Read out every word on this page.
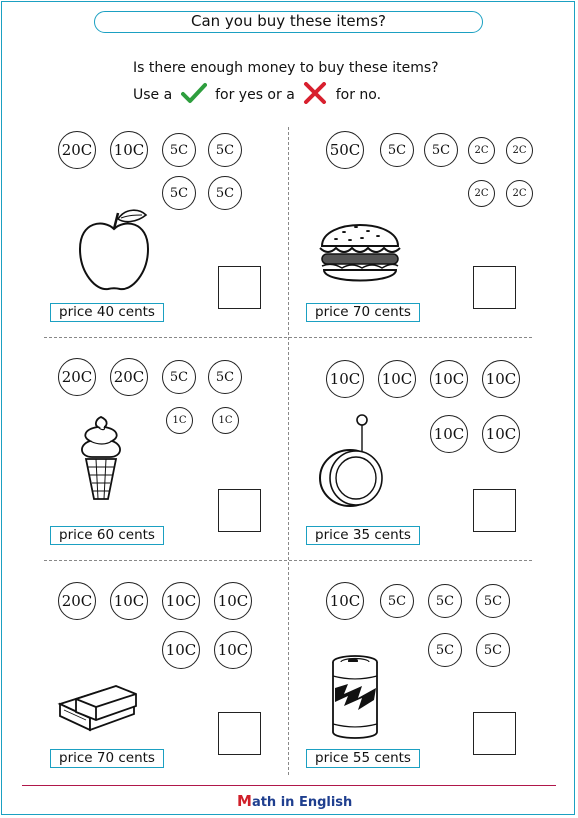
Can you buy these items?
Is there enough money to buy these items?
Use a	for yes or a	for no.
20C 10C	5C	5C
5C	5C
price 40 cents
50C	5C	5C	2C	2C
2C	2C
price 70 cents
20C 20C	5C	5C
1C	1C
price 60 cents
10C 10C 10C 10C
10C 10C
price 35 cents
20C 10C 10C 10C
10C 10C
price 70 cents
10C	5C	5C	5C
5C	5C
price 55 cents
Math in English
